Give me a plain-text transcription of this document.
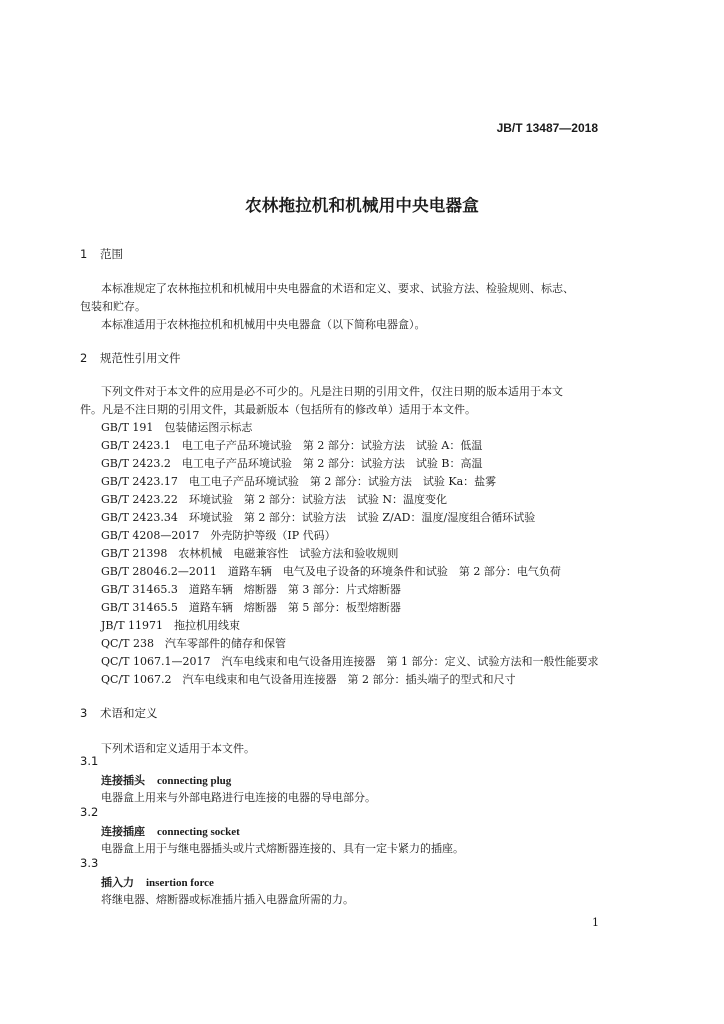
JB/T 13487—2018
农林拖拉机和机械用中央电器盒
1 范围
本标准规定了农林拖拉机和机械用中央电器盒的术语和定义、要求、试验方法、检验规则、标志、
包装和贮存。
本标准适用于农林拖拉机和机械用中央电器盒（以下简称电器盒）。
2 规范性引用文件
下列文件对于本文件的应用是必不可少的。凡是注日期的引用文件，仅注日期的版本适用于本文
件。凡是不注日期的引用文件，其最新版本（包括所有的修改单）适用于本文件。
GB/T 191　包装储运图示标志
GB/T 2423.1　电工电子产品环境试验　第 2 部分：试验方法　试验 A：低温
GB/T 2423.2　电工电子产品环境试验　第 2 部分：试验方法　试验 B：高温
GB/T 2423.17　电工电子产品环境试验　第 2 部分：试验方法　试验 Ka：盐雾
GB/T 2423.22　环境试验　第 2 部分：试验方法　试验 N：温度变化
GB/T 2423.34　环境试验　第 2 部分：试验方法　试验 Z/AD：温度/湿度组合循环试验
GB/T 4208—2017　外壳防护等级（IP 代码）
GB/T 21398　农林机械　电磁兼容性　试验方法和验收规则
GB/T 28046.2—2011　道路车辆　电气及电子设备的环境条件和试验　第 2 部分：电气负荷
GB/T 31465.3　道路车辆　熔断器　第 3 部分：片式熔断器
GB/T 31465.5　道路车辆　熔断器　第 5 部分：板型熔断器
JB/T 11971　拖拉机用线束
QC/T 238　汽车零部件的储存和保管
QC/T 1067.1—2017　汽车电线束和电气设备用连接器　第 1 部分：定义、试验方法和一般性能要求
QC/T 1067.2　汽车电线束和电气设备用连接器　第 2 部分：插头端子的型式和尺寸
3 术语和定义
下列术语和定义适用于本文件。
3.1
连接插头 connecting plug
电器盒上用来与外部电路进行电连接的电器的导电部分。
3.2
连接插座 connecting socket
电器盒上用于与继电器插头或片式熔断器连接的、具有一定卡紧力的插座。
3.3
插入力 insertion force
将继电器、熔断器或标准插片插入电器盒所需的力。
1
